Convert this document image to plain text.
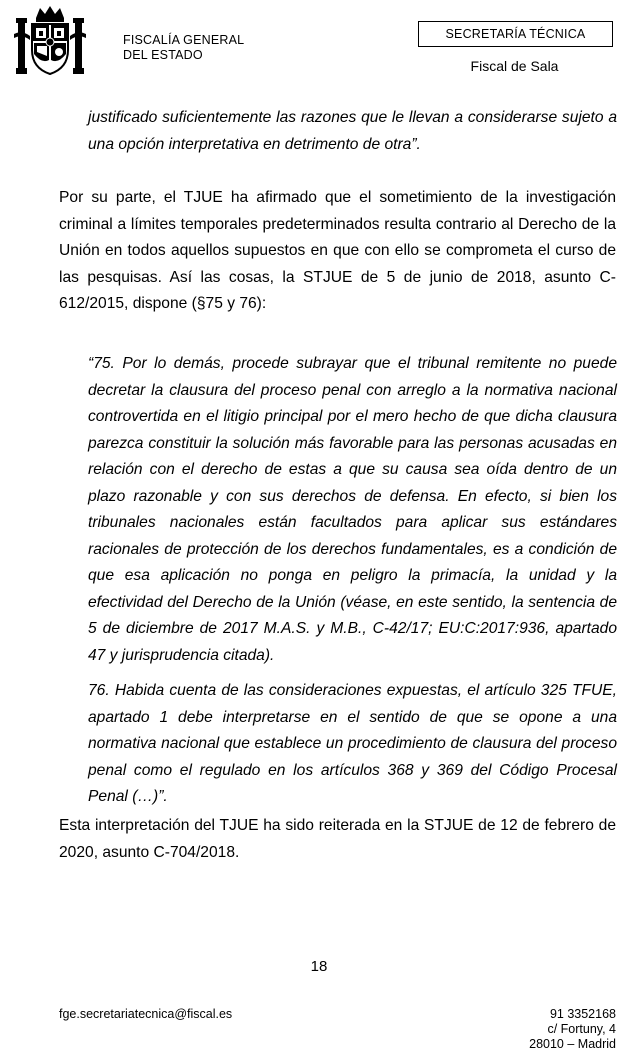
FISCALÍA GENERAL
DEL ESTADO
SECRETARÍA TÉCNICA
Fiscal de Sala

justificado suficientemente las razones que le llevan a considerarse sujeto a una opción interpretativa en detrimento de otra”.

Por su parte, el TJUE ha afirmado que el sometimiento de la investigación criminal a límites temporales predeterminados resulta contrario al Derecho de la Unión en todos aquellos supuestos en que con ello se comprometa el curso de las pesquisas. Así las cosas, la STJUE de 5 de junio de 2018, asunto C-612/2015, dispone (§75 y 76):

“75. Por lo demás, procede subrayar que el tribunal remitente no puede decretar la clausura del proceso penal con arreglo a la normativa nacional controvertida en el litigio principal por el mero hecho de que dicha clausura parezca constituir la solución más favorable para las personas acusadas en relación con el derecho de estas a que su causa sea oída dentro de un plazo razonable y con sus derechos de defensa. En efecto, si bien los tribunales nacionales están facultados para aplicar sus estándares racionales de protección de los derechos fundamentales, es a condición de que esa aplicación no ponga en peligro la primacía, la unidad y la efectividad del Derecho de la Unión (véase, en este sentido, la sentencia de 5 de diciembre de 2017 M.A.S. y M.B., C-42/17; EU:C:2017:936, apartado 47 y jurisprudencia citada).

76. Habida cuenta de las consideraciones expuestas, el artículo 325 TFUE, apartado 1 debe interpretarse en el sentido de que se opone a una normativa nacional que establece un procedimiento de clausura del proceso penal como el regulado en los artículos 368 y 369 del Código Procesal Penal (…)”.

Esta interpretación del TJUE ha sido reiterada en la STJUE de 12 de febrero de 2020, asunto C-704/2018.

18
fge.secretariatecnica@fiscal.es	91 3352168
c/ Fortuny, 4
28010 – Madrid
